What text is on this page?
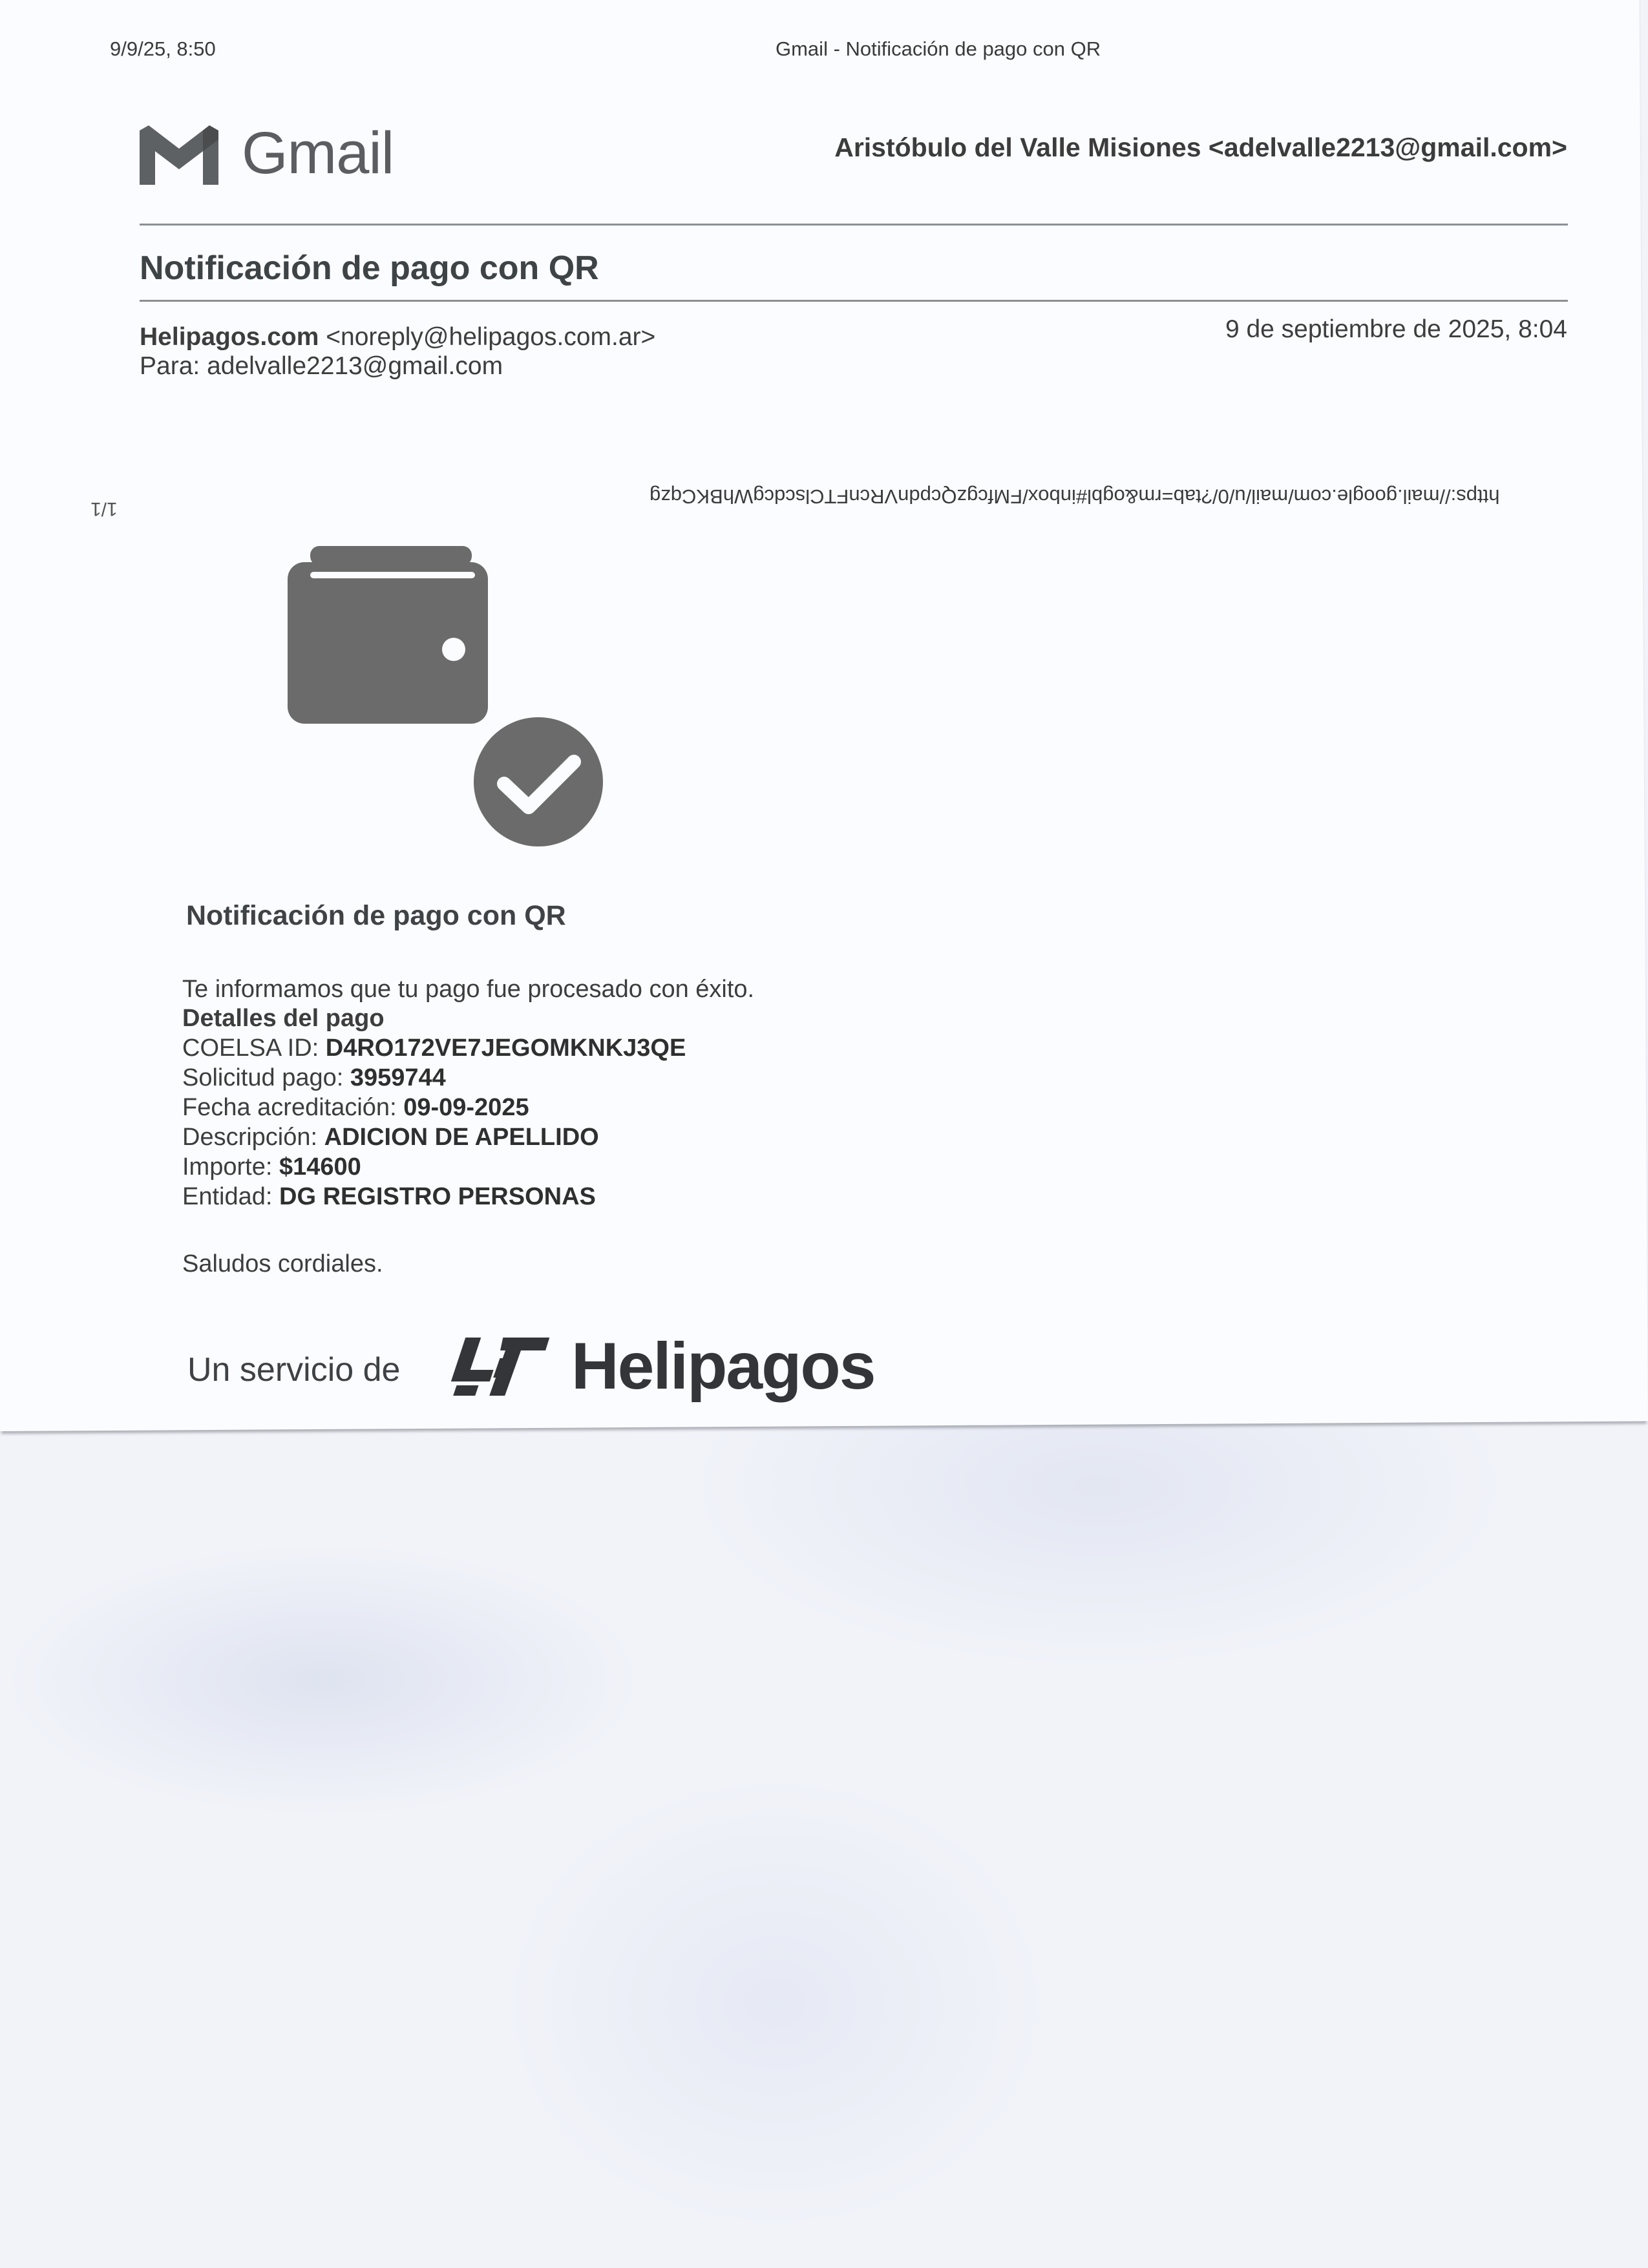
9/9/25, 8:50	Gmail - Notificación de pago con QR
Gmail	Aristóbulo del Valle Misiones <adelvalle2213@gmail.com>
Notificación de pago con QR
Helipagos.com <noreply@helipagos.com.ar>
Para: adelvalle2213@gmail.com
9 de septiembre de 2025, 8:04
1/1
https://mail.google.com/mail/u/0/?tab=rm&ogbl#inbox/FMfcgzQcpdnVRcnFTClscdcgWhBKCqzg
Notificación de pago con QR
Te informamos que tu pago fue procesado con éxito.
Detalles del pago
COELSA ID: D4RO172VE7JEGOMKNKJ3QE
Solicitud pago: 3959744
Fecha acreditación: 09-09-2025
Descripción: ADICION DE APELLIDO
Importe: $14600
Entidad: DG REGISTRO PERSONAS
Saludos cordiales.
Un servicio de	Helipagos
